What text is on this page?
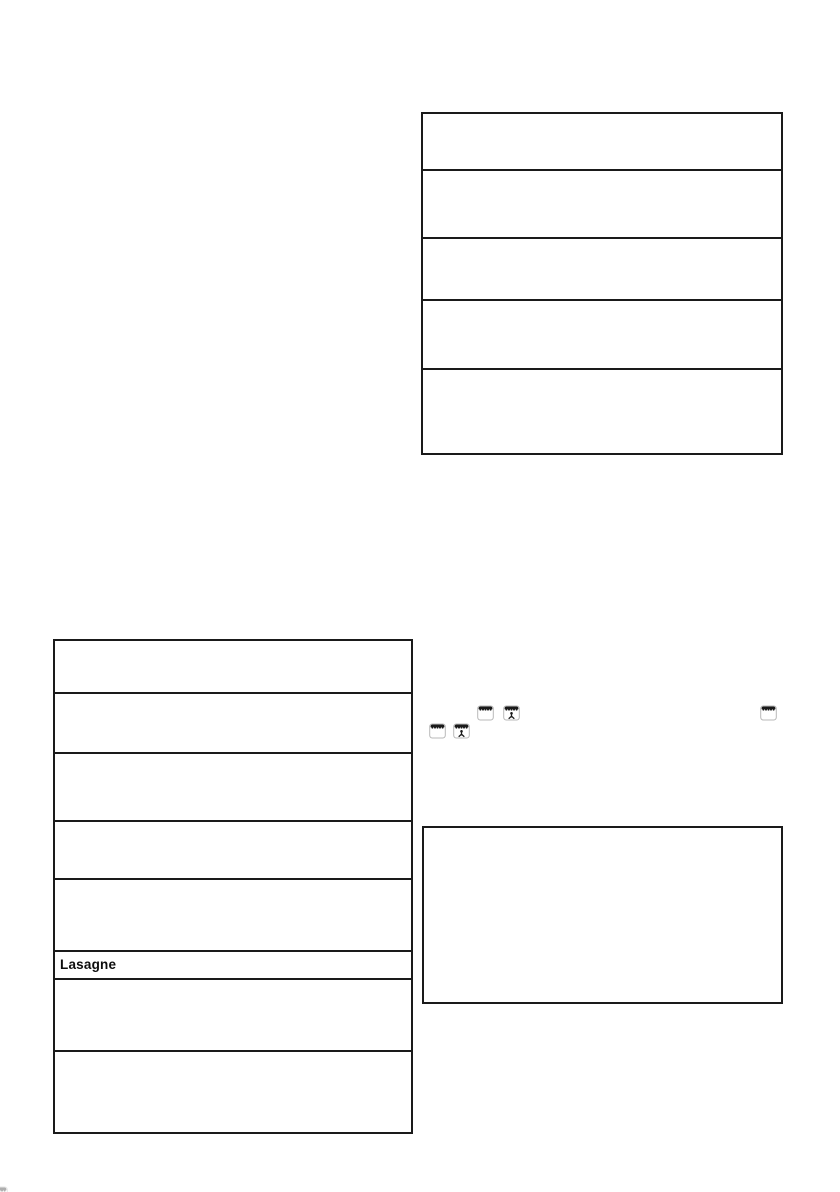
Lasagne
